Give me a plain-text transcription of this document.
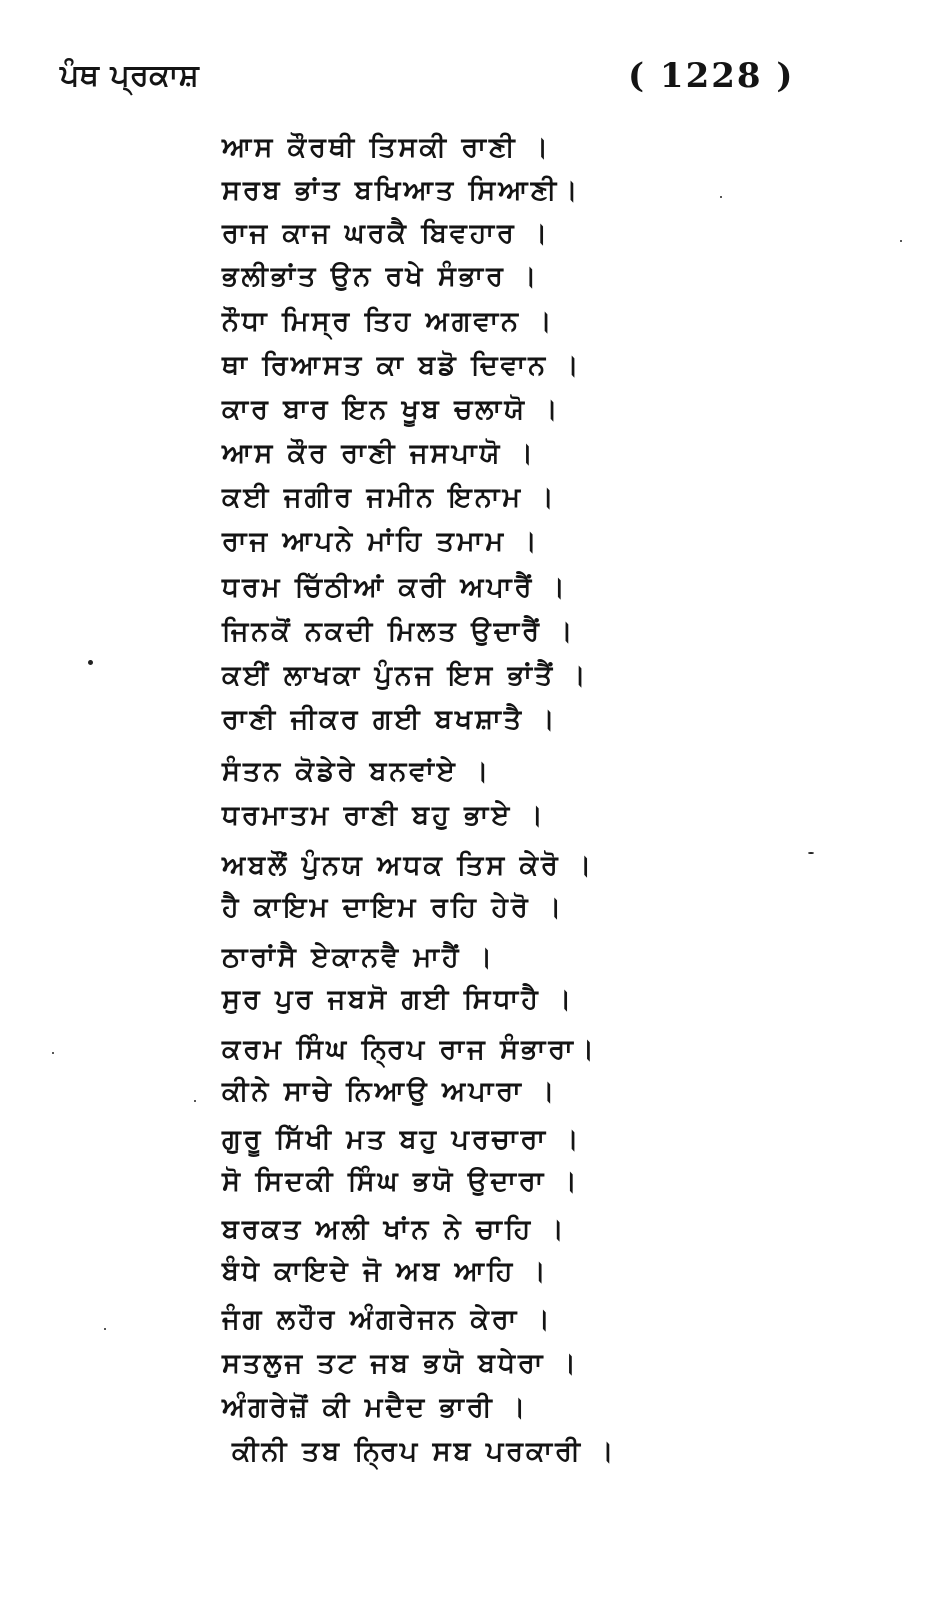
ਪੰਥ ਪ੍ਰਕਾਸ਼	( 1228 )
ਆਸ ਕੌਰਥੀ ਤਿਸਕੀ ਰਾਣੀ ।
ਸਰਬ ਭਾਂਤ ਬਖਿਆਤ ਸਿਆਣੀ।
ਰਾਜ ਕਾਜ ਘਰਕੈ ਬਿਵਹਾਰ ।
ਭਲੀਭਾਂਤ ਉਨ ਰਖੇ ਸੰਭਾਰ ।
ਨੌਧਾ ਮਿਸ੍ਰ ਤਿਹ ਅਗਵਾਨ ।
ਥਾ ਰਿਆਸਤ ਕਾ ਬਡੋ ਦਿਵਾਨ ।
ਕਾਰ ਬਾਰ ਇਨ ਖੂਬ ਚਲਾਯੋ ।
ਆਸ ਕੌਰ ਰਾਣੀ ਜਸਪਾਯੋ ।
ਕਈ ਜਗੀਰ ਜਮੀਨ ਇਨਾਮ ।
ਰਾਜ ਆਪਨੇ ਮਾਂਹਿ ਤਮਾਮ ।
ਧਰਮ ਚਿੱਠੀਆਂ ਕਰੀ ਅਪਾਰੈਂ ।
ਜਿਨਕੋਂ ਨਕਦੀ ਮਿਲਤ ਉਦਾਰੈਂ ।
ਕਈਂ ਲਾਖਕਾ ਪੁੰਨਜ ਇਸ ਭਾਂਤੈਂ ।
ਰਾਣੀ ਜੀਕਰ ਗਈ ਬਖਸ਼ਾਤੈ ।
ਸੰਤਨ ਕੋਡੇਰੇ ਬਨਵਾਂਏ ।
ਧਰਮਾਤਮ ਰਾਣੀ ਬਹੁ ਭਾਏ ।
ਅਬਲੌਂ ਪੁੰਨਯ ਅਧਕ ਤਿਸ ਕੇਰੋ ।
ਹੈ ਕਾਇਮ ਦਾਇਮ ਰਹਿ ਹੇਰੋ ।
ਠਾਰਾਂਸੈ ਏਕਾਨਵੈ ਮਾਹੈਂ ।
ਸੁਰ ਪੁਰ ਜਬਸੋ ਗਈ ਸਿਧਾਹੈ ।
ਕਰਮ ਸਿੰਘ ਨ੍ਰਿਪ ਰਾਜ ਸੰਭਾਰਾ।
ਕੀਨੇ ਸਾਚੇ ਨਿਆਉ ਅਪਾਰਾ ।
ਗੁਰੂ ਸਿੱਖੀ ਮਤ ਬਹੁ ਪਰਚਾਰਾ ।
ਸੋ ਸਿਦਕੀ ਸਿੰਘ ਭਯੋ ਉਦਾਰਾ ।
ਬਰਕਤ ਅਲੀ ਖਾਂਨ ਨੇ ਚਾਹਿ ।
ਬੰਧੇ ਕਾਇਦੇ ਜੋ ਅਬ ਆਹਿ ।
ਜੰਗ ਲਹੌਰ ਅੰਗਰੇਜਨ ਕੇਰਾ ।
ਸਤਲੁਜ ਤਟ ਜਬ ਭਯੋ ਬਧੇਰਾ ।
ਅੰਗਰੇਜ਼ੋਂ ਕੀ ਮਦੈਦ ਭਾਰੀ ।
ਕੀਨੀ ਤਬ ਨ੍ਰਿਪ ਸਬ ਪਰਕਾਰੀ ।
